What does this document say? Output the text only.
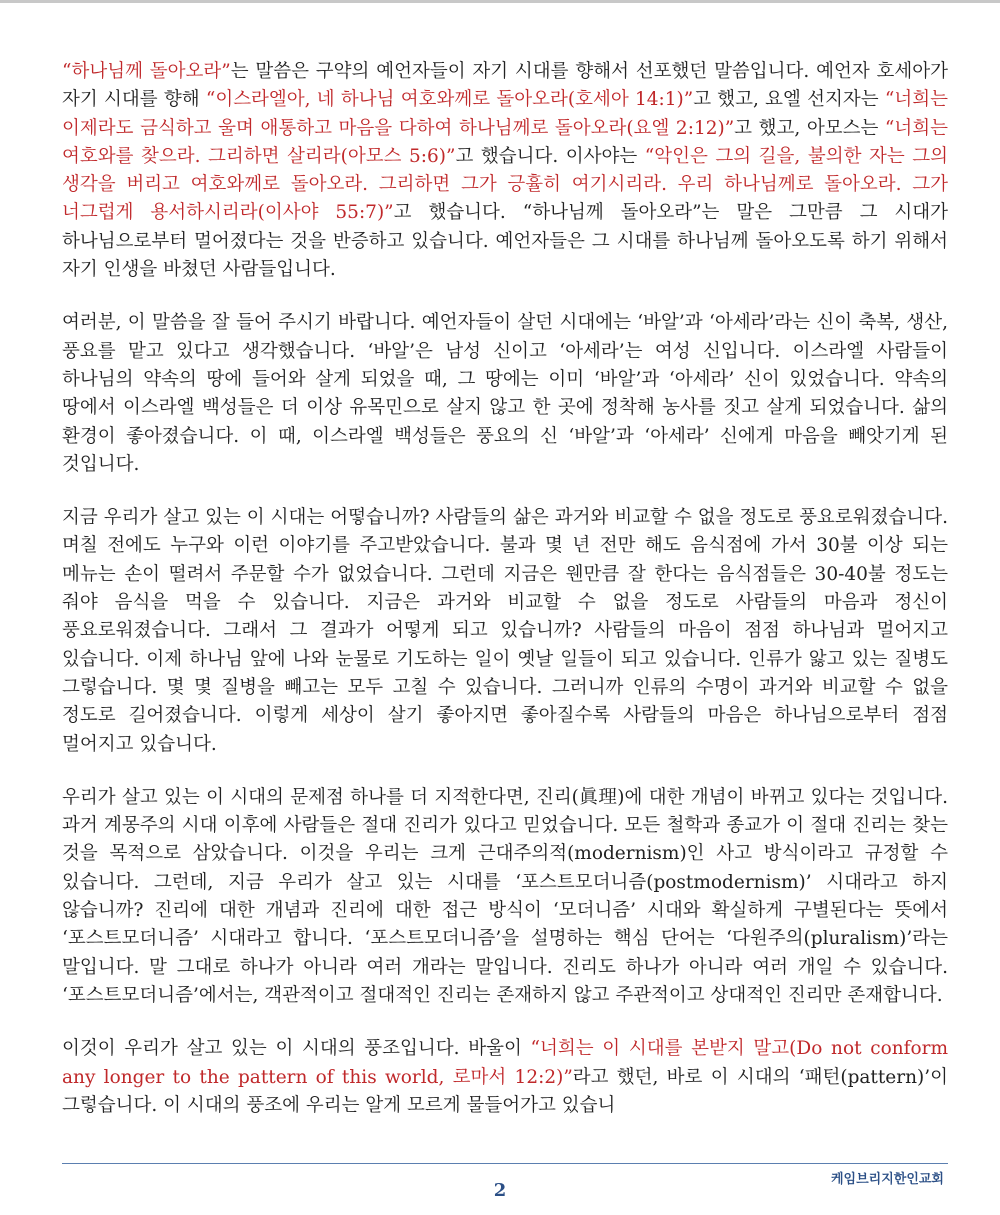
“하나님께 돌아오라”는 말씀은 구약의 예언자들이 자기 시대를 향해서 선포했던 말씀입니다. 예언자 호세아가 자기 시대를 향해 “이스라엘아, 네 하나님 여호와께로 돌아오라(호세아 14:1)”고 했고, 요엘 선지자는 “너희는 이제라도 금식하고 울며 애통하고 마음을 다하여 하나님께로 돌아오라(요엘 2:12)”고 했고, 아모스는 “너희는 여호와를 찾으라. 그리하면 살리라(아모스 5:6)”고 했습니다. 이사야는 “악인은 그의 길을, 불의한 자는 그의 생각을 버리고 여호와께로 돌아오라. 그리하면 그가 긍휼히 여기시리라. 우리 하나님께로 돌아오라. 그가 너그럽게 용서하시리라(이사야 55:7)”고 했습니다. “하나님께 돌아오라”는 말은 그만큼 그 시대가 하나님으로부터 멀어졌다는 것을 반증하고 있습니다. 예언자들은 그 시대를 하나님께 돌아오도록 하기 위해서 자기 인생을 바쳤던 사람들입니다.

여러분, 이 말씀을 잘 들어 주시기 바랍니다. 예언자들이 살던 시대에는 ‘바알’과 ‘아세라’라는 신이 축복, 생산, 풍요를 맡고 있다고 생각했습니다. ‘바알’은 남성 신이고 ‘아세라’는 여성 신입니다. 이스라엘 사람들이 하나님의 약속의 땅에 들어와 살게 되었을 때, 그 땅에는 이미 ‘바알’과 ‘아세라’ 신이 있었습니다. 약속의 땅에서 이스라엘 백성들은 더 이상 유목민으로 살지 않고 한 곳에 정착해 농사를 짓고 살게 되었습니다. 삶의 환경이 좋아졌습니다. 이 때, 이스라엘 백성들은 풍요의 신 ‘바알’과 ‘아세라’ 신에게 마음을 빼앗기게 된 것입니다.

지금 우리가 살고 있는 이 시대는 어떻습니까? 사람들의 삶은 과거와 비교할 수 없을 정도로 풍요로워졌습니다. 며칠 전에도 누구와 이런 이야기를 주고받았습니다. 불과 몇 년 전만 해도 음식점에 가서 30불 이상 되는 메뉴는 손이 떨려서 주문할 수가 없었습니다. 그런데 지금은 웬만큼 잘 한다는 음식점들은 30-40불 정도는 줘야 음식을 먹을 수 있습니다. 지금은 과거와 비교할 수 없을 정도로 사람들의 마음과 정신이 풍요로워졌습니다. 그래서 그 결과가 어떻게 되고 있습니까? 사람들의 마음이 점점 하나님과 멀어지고 있습니다. 이제 하나님 앞에 나와 눈물로 기도하는 일이 옛날 일들이 되고 있습니다. 인류가 앓고 있는 질병도 그렇습니다. 몇 몇 질병을 빼고는 모두 고칠 수 있습니다. 그러니까 인류의 수명이 과거와 비교할 수 없을 정도로 길어졌습니다. 이렇게 세상이 살기 좋아지면 좋아질수록 사람들의 마음은 하나님으로부터 점점 멀어지고 있습니다.

우리가 살고 있는 이 시대의 문제점 하나를 더 지적한다면, 진리(眞理)에 대한 개념이 바뀌고 있다는 것입니다. 과거 계몽주의 시대 이후에 사람들은 절대 진리가 있다고 믿었습니다. 모든 철학과 종교가 이 절대 진리는 찾는 것을 목적으로 삼았습니다. 이것을 우리는 크게 근대주의적(modernism)인 사고 방식이라고 규정할 수 있습니다. 그런데, 지금 우리가 살고 있는 시대를 ‘포스트모더니즘(postmodernism)’ 시대라고 하지 않습니까? 진리에 대한 개념과 진리에 대한 접근 방식이 ‘모더니즘’ 시대와 확실하게 구별된다는 뜻에서 ‘포스트모더니즘’ 시대라고 합니다. ‘포스트모더니즘’을 설명하는 핵심 단어는 ‘다원주의(pluralism)’라는 말입니다. 말 그대로 하나가 아니라 여러 개라는 말입니다. 진리도 하나가 아니라 여러 개일 수 있습니다. ‘포스트모더니즘’에서는, 객관적이고 절대적인 진리는 존재하지 않고 주관적이고 상대적인 진리만 존재합니다.

이것이 우리가 살고 있는 이 시대의 풍조입니다. 바울이 “너희는 이 시대를 본받지 말고(Do not conform any longer to the pattern of this world, 로마서 12:2)”라고 했던, 바로 이 시대의 ‘패턴(pattern)’이 그렇습니다. 이 시대의 풍조에 우리는 알게 모르게 물들어가고 있습니

케임브리지한인교회
2
